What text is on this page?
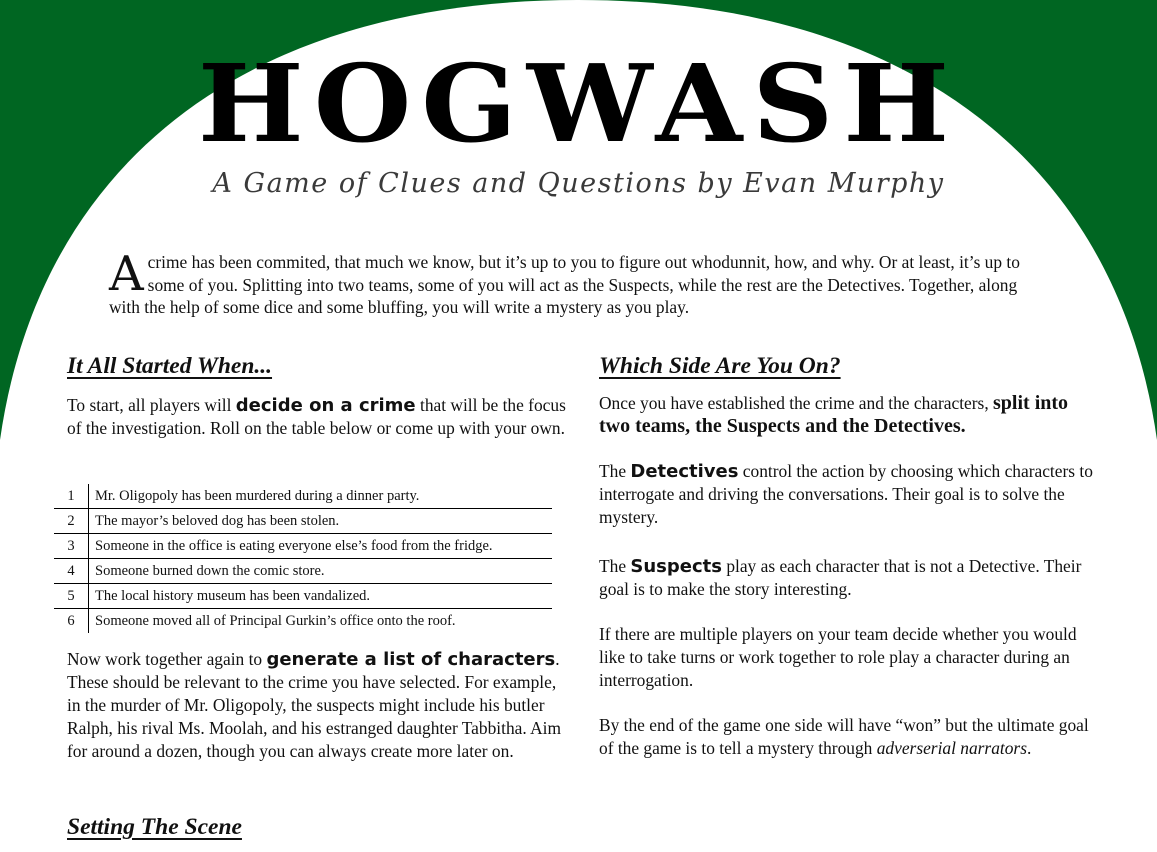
HOGWASH
A Game of Clues and Questions by Evan Murphy
A crime has been commited, that much we know, but it’s up to you to figure out whodunnit, how, and why. Or at least, it’s up to some of you. Splitting into two teams, some of you will act as the Suspects, while the rest are the Detectives. Together, along with the help of some dice and some bluffing, you will write a mystery as you play.
It All Started When...

To start, all players will decide on a crime that will be the focus of the investigation. Roll on the table below or come up with your own.

1	Mr. Oligopoly has been murdered during a dinner party.
2	The mayor’s beloved dog has been stolen.
3	Someone in the office is eating everyone else’s food from the fridge.
4	Someone burned down the comic store.
5	The local history museum has been vandalized.
6	Someone moved all of Principal Gurkin’s office onto the roof.

Now work together again to generate a list of characters. These should be relevant to the crime you have selected. For example, in the murder of Mr. Oligopoly, the suspects might include his butler Ralph, his rival Ms. Moolah, and his estranged daughter Tabbitha. Aim for around a dozen, though you can always create more later on.

Setting The Scene
Which Side Are You On?

Once you have established the crime and the characters, split into two teams, the Suspects and the Detectives.

The Detectives control the action by choosing which characters to interrogate and driving the conversations. Their goal is to solve the mystery.

The Suspects play as each character that is not a Detective. Their goal is to make the story interesting.

If there are multiple players on your team decide whether you would like to take turns or work together to role play a character during an interrogation.

By the end of the game one side will have “won” but the ultimate goal of the game is to tell a mystery through adverserial narrators.
